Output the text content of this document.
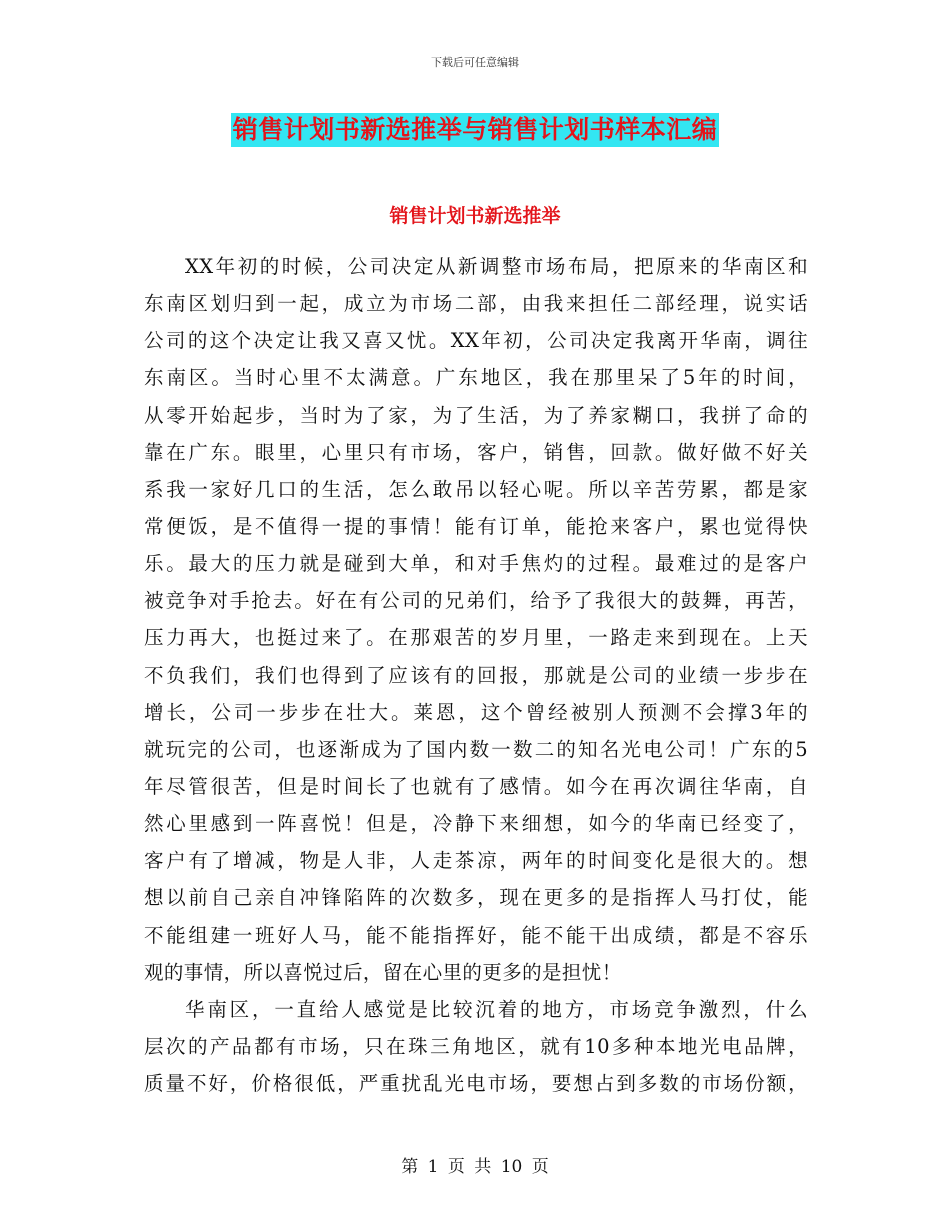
下载后可任意编辑
销售计划书新选推举与销售计划书样本汇编
销售计划书新选推举
XX年初的时候，公司决定从新调整市场布局，把原来的华南区和
东南区划归到一起，成立为市场二部，由我来担任二部经理，说实话
公司的这个决定让我又喜又忧。XX年初，公司决定我离开华南，调往
东南区。当时心里不太满意。广东地区，我在那里呆了5年的时间，
从零开始起步，当时为了家，为了生活，为了养家糊口，我拼了命的
靠在广东。眼里，心里只有市场，客户，销售，回款。做好做不好关
系我一家好几口的生活，怎么敢吊以轻心呢。所以辛苦劳累，都是家
常便饭，是不值得一提的事情！能有订单，能抢来客户，累也觉得快
乐。最大的压力就是碰到大单，和对手焦灼的过程。最难过的是客户
被竞争对手抢去。好在有公司的兄弟们，给予了我很大的鼓舞，再苦，
压力再大，也挺过来了。在那艰苦的岁月里，一路走来到现在。上天
不负我们，我们也得到了应该有的回报，那就是公司的业绩一步步在
增长，公司一步步在壮大。莱恩，这个曾经被别人预测不会撑3年的
就玩完的公司，也逐渐成为了国内数一数二的知名光电公司！广东的5
年尽管很苦，但是时间长了也就有了感情。如今在再次调往华南，自
然心里感到一阵喜悦！但是，冷静下来细想，如今的华南已经变了，
客户有了增减，物是人非，人走茶凉，两年的时间变化是很大的。想
想以前自己亲自冲锋陷阵的次数多，现在更多的是指挥人马打仗，能
不能组建一班好人马，能不能指挥好，能不能干出成绩，都是不容乐
观的事情，所以喜悦过后，留在心里的更多的是担忧！
华南区，一直给人感觉是比较沉着的地方，市场竞争激烈，什么
层次的产品都有市场，只在珠三角地区，就有10多种本地光电品牌，
质量不好，价格很低，严重扰乱光电市场，要想占到多数的市场份额，
第 1 页 共 10 页
